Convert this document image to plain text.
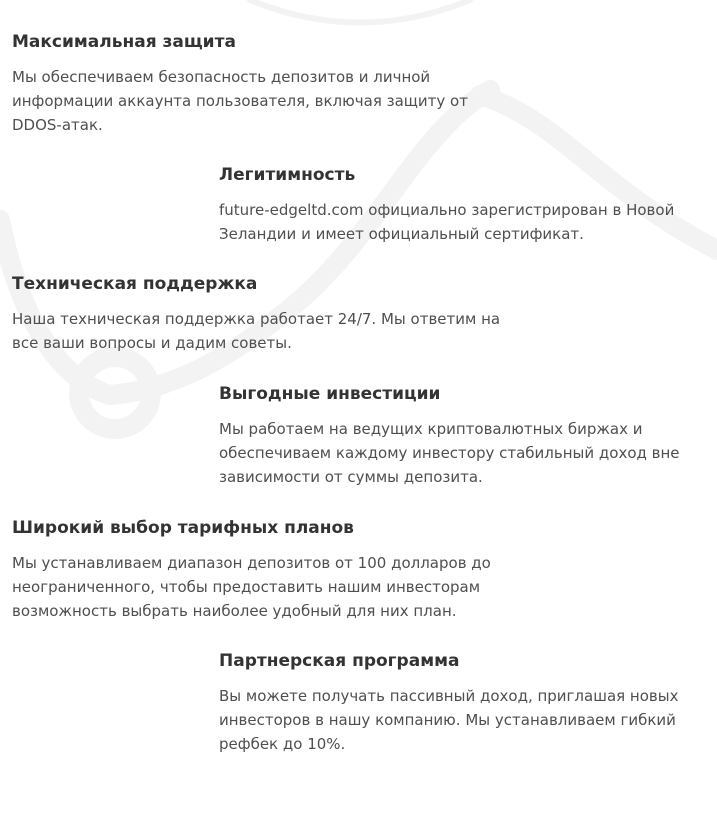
Максимальная защита

Мы обеспечиваем безопасность депозитов и личной информации аккаунта пользователя, включая защиту от DDOS-атак.

Легитимность

future-edgeltd.com официально зарегистрирован в Новой Зеландии и имеет официальный сертификат.

Техническая поддержка

Наша техническая поддержка работает 24/7. Мы ответим на все ваши вопросы и дадим советы.

Выгодные инвестиции

Мы работаем на ведущих криптовалютных биржах и обеспечиваем каждому инвестору стабильный доход вне зависимости от суммы депозита.

Широкий выбор тарифных планов

Мы устанавливаем диапазон депозитов от 100 долларов до неограниченного, чтобы предоставить нашим инвесторам возможность выбрать наиболее удобный для них план.

Партнерская программа

Вы можете получать пассивный доход, приглашая новых инвесторов в нашу компанию. Мы устанавливаем гибкий рефбек до 10%.
